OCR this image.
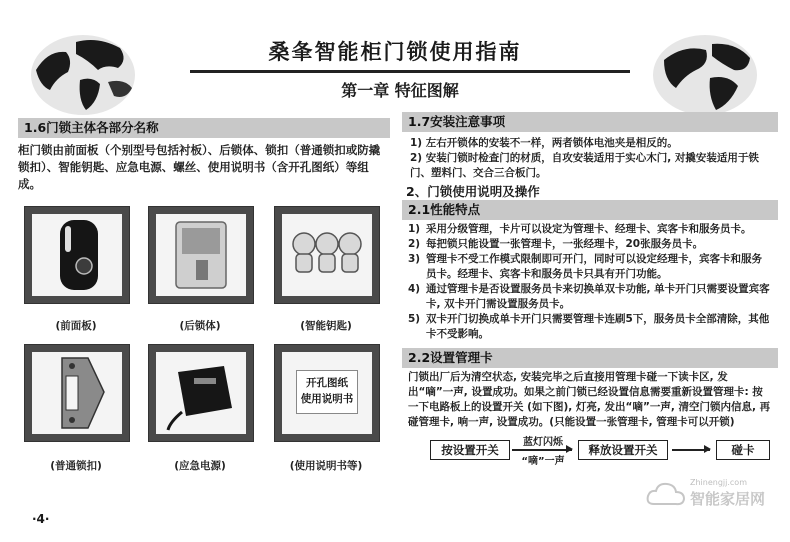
桑夆智能柜门锁使用指南
第一章 特征图解
1.6门锁主体各部分名称
柜门锁由前面板（个别型号包括衬板）、后锁体、锁扣（普通锁扣或防撬锁扣）、智能钥匙、应急电源、螺丝、使用说明书（含开孔图纸）等组成。
(前面板)	(后锁体)	(智能钥匙)
开孔图纸
使用说明书
(普通锁扣)	(应急电源)	(使用说明书等)
1.7安装注意事项
1) 左右开锁体的安装不一样，两者锁体电池夹是相反的。
2) 安装门锁时检查门的材质，自攻安装适用于实心木门, 对撬安装适用于铁门、塑料门、交合三合板门。
2、门锁使用说明及操作
2.1性能特点
1) 采用分级管理，卡片可以设定为管理卡、经理卡、宾客卡和服务员卡。
2) 每把锁只能设置一张管理卡，一张经理卡，20张服务员卡。
3) 管理卡不受工作模式限制即可开门，同时可以设定经理卡，宾客卡和服务员卡。经理卡、宾客卡和服务员卡只具有开门功能。
4) 通过管理卡是否设置服务员卡来切换单双卡功能, 单卡开门只需要设置宾客卡, 双卡开门需设置服务员卡。
5) 双卡开门切换成单卡开门只需要管理卡连刷5下，服务员卡全部清除，其他卡不受影响。
2.2设置管理卡
门锁出厂后为清空状态, 安装完毕之后直接用管理卡碰一下读卡区, 发出“嘀”一声, 设置成功。如果之前门锁已经设置信息需要重新设置管理卡: 按一下电路板上的设置开关 (如下图), 灯亮, 发出“嘀”一声, 清空门锁内信息, 再碰管理卡, 响一声, 设置成功。(只能设置一张管理卡, 管理卡可以开锁)
按设置开关
蓝灯闪烁
“嘀”一声
释放设置开关	碰卡
·4·
Zhinengjj.com
智能家居网
